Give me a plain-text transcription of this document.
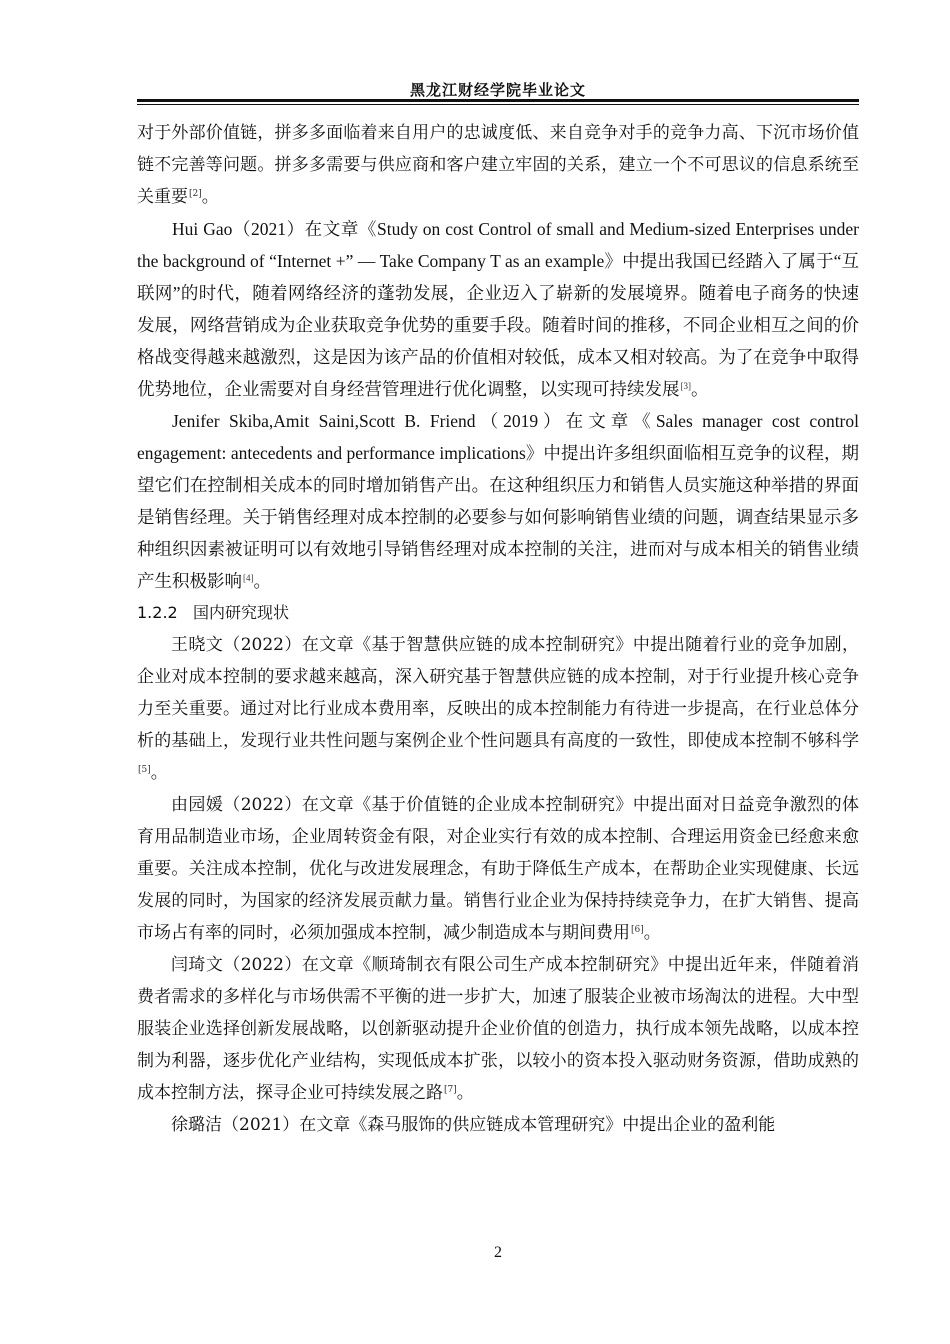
黑龙江财经学院毕业论文

对于外部价值链，拼多多面临着来自用户的忠诚度低、来自竞争对手的竞争力高、下沉市场价值链不完善等问题。拼多多需要与供应商和客户建立牢固的关系，建立一个不可思议的信息系统至关重要[2]。

Hui Gao（2021）在文章《Study on cost Control of small and Medium-sized Enterprises under the background of “Internet +” — Take Company T as an example》中提出我国已经踏入了属于“互联网”的时代，随着网络经济的蓬勃发展，企业迈入了崭新的发展境界。随着电子商务的快速发展，网络营销成为企业获取竞争优势的重要手段。随着时间的推移，不同企业相互之间的价格战变得越来越激烈，这是因为该产品的价值相对较低，成本又相对较高。为了在竞争中取得优势地位，企业需要对自身经营管理进行优化调整，以实现可持续发展[3]。

Jenifer Skiba,Amit Saini,Scott B. Friend（2019）在文章《Sales manager cost control engagement: antecedents and performance implications》中提出许多组织面临相互竞争的议程，期望它们在控制相关成本的同时增加销售产出。在这种组织压力和销售人员实施这种举措的界面是销售经理。关于销售经理对成本控制的必要参与如何影响销售业绩的问题，调查结果显示多种组织因素被证明可以有效地引导销售经理对成本控制的关注，进而对与成本相关的销售业绩产生积极影响[4]。

1.2.2 国内研究现状

王晓文（2022）在文章《基于智慧供应链的成本控制研究》中提出随着行业的竞争加剧，企业对成本控制的要求越来越高，深入研究基于智慧供应链的成本控制，对于行业提升核心竞争力至关重要。通过对比行业成本费用率，反映出的成本控制能力有待进一步提高，在行业总体分析的基础上，发现行业共性问题与案例企业个性问题具有高度的一致性，即使成本控制不够科学[5]。

由园媛（2022）在文章《基于价值链的企业成本控制研究》中提出面对日益竞争激烈的体育用品制造业市场，企业周转资金有限，对企业实行有效的成本控制、合理运用资金已经愈来愈重要。关注成本控制，优化与改进发展理念，有助于降低生产成本，在帮助企业实现健康、长远发展的同时，为国家的经济发展贡献力量。销售行业企业为保持持续竞争力，在扩大销售、提高市场占有率的同时，必须加强成本控制，减少制造成本与期间费用[6]。

闫琦文（2022）在文章《顺琦制衣有限公司生产成本控制研究》中提出近年来，伴随着消费者需求的多样化与市场供需不平衡的进一步扩大，加速了服装企业被市场淘汰的进程。大中型服装企业选择创新发展战略，以创新驱动提升企业价值的创造力，执行成本领先战略，以成本控制为利器，逐步优化产业结构，实现低成本扩张，以较小的资本投入驱动财务资源，借助成熟的成本控制方法，探寻企业可持续发展之路[7]。

徐璐洁（2021）在文章《森马服饰的供应链成本管理研究》中提出企业的盈利能

2
